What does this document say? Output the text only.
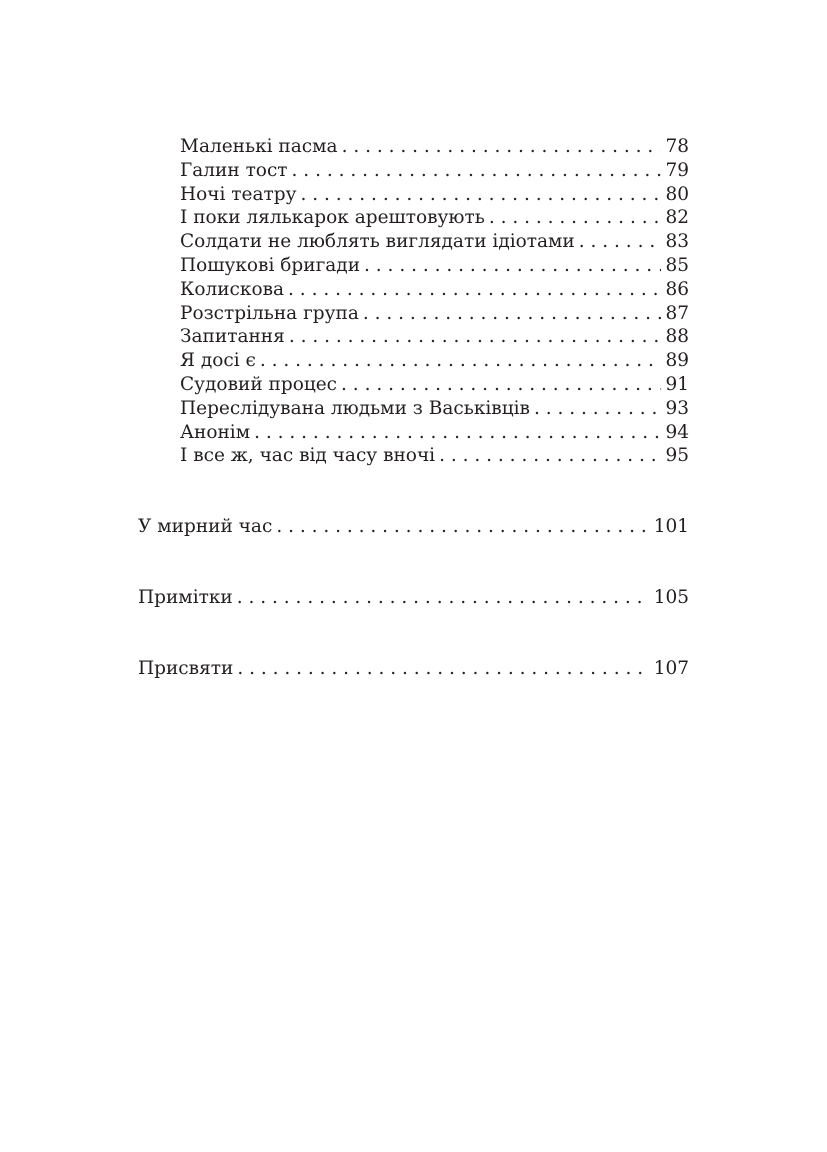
Маленькі пасма . . .	78
Галин тост . . .	79
Ночі театру . . .	80
І поки лялькарок арештовують . . .	82
Солдати не люблять виглядати ідіотами . . .	83
Пошукові бригади . . .	85
Колискова . . .	86
Розстрільна група . . .	87
Запитання . . .	88
Я досі є . . .	89
Судовий процес . . .	91
Переслідувана людьми з Васьківців . . .	93
Анонім . . .	94
І все ж, час від часу вночі . . .	95
У мирний час . . .	101
Примітки . . .	105
Присвяти . . .	107
